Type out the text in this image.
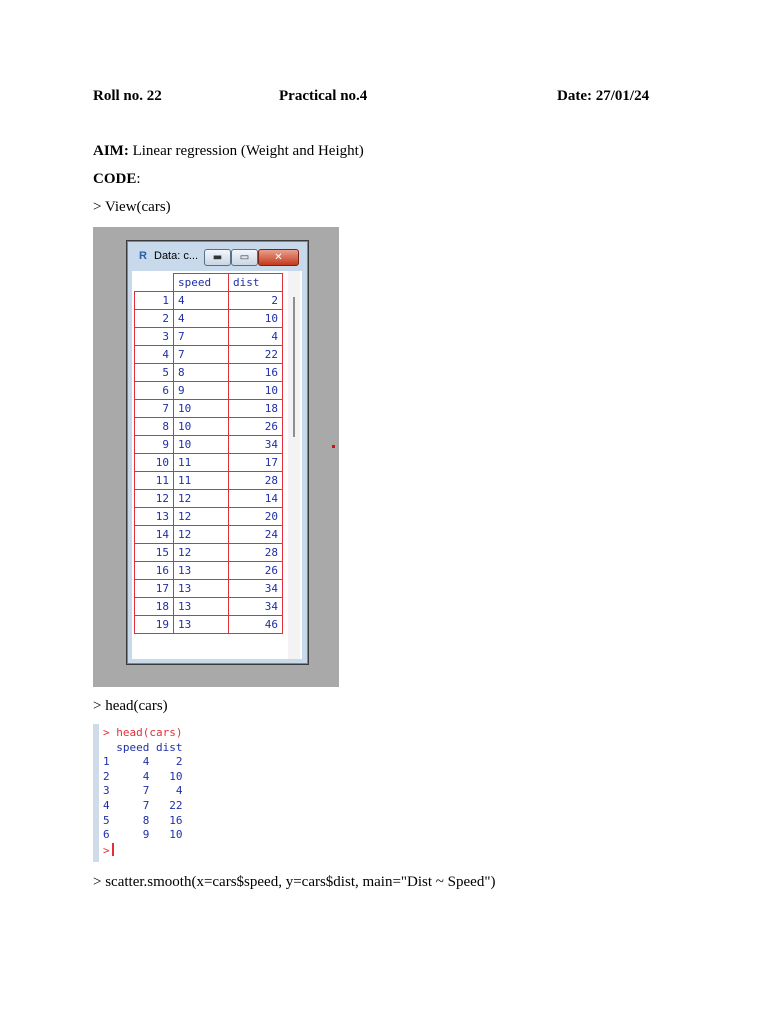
Roll no. 22	Practical no.4	Date: 27/01/24
AIM: Linear regression (Weight and Height)
CODE:
> View(cars)
R Data: c...	▬	▭	✕
	speed	dist
1	4	2
2	4	10
3	7	4
4	7	22
5	8	16
6	9	10
7	10	18
8	10	26
9	10	34
10	11	17
11	11	28
12	12	14
13	12	20
14	12	24
15	12	28
16	13	26
17	13	34
18	13	34
19	13	46
> head(cars)
> head(cars)
speed dist
1     4    2
2     4   10
3     7    4
4     7   22
5     8   16
6     9   10
>
> scatter.smooth(x=cars$speed, y=cars$dist, main="Dist ~ Speed")
